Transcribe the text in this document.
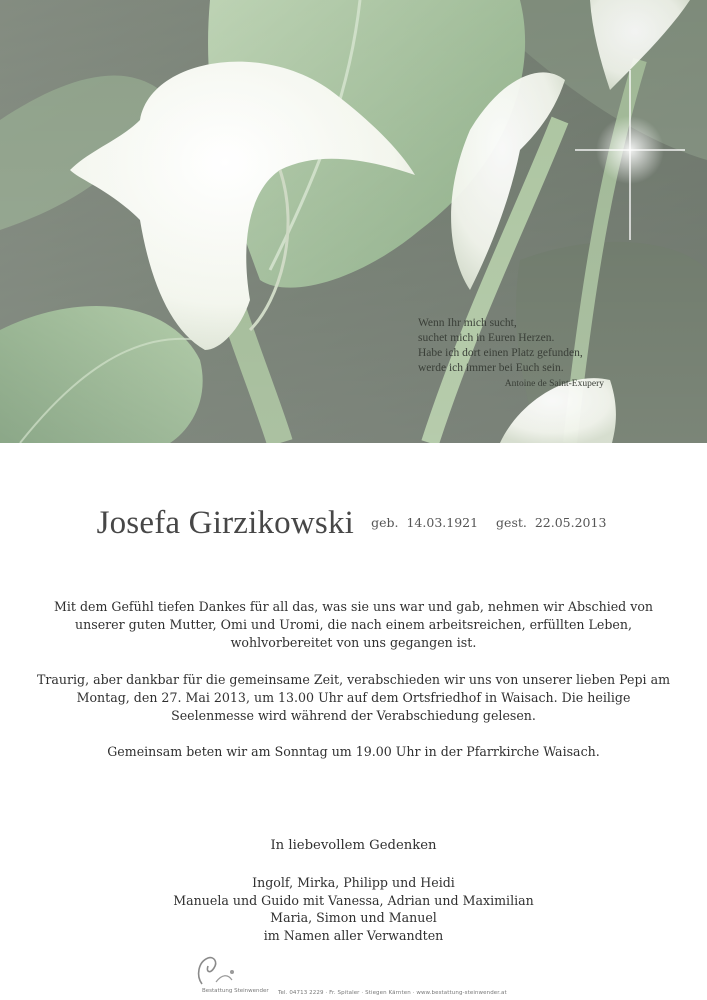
Wenn Ihr mich sucht,
suchet mich in Euren Herzen.
Habe ich dort einen Platz gefunden,
werde ich immer bei Euch sein.
Antoine de Saint-Exupery
Josefa Girzikowski $^{geb. 14.03.1921 gest. 22.05.2013}$
Mit dem Gefühl tiefen Dankes für all das, was sie uns war und gab, nehmen wir Abschied von unserer guten Mutter, Omi und Uromi, die nach einem arbeitsreichen, erfüllten Leben, wohlvorbereitet von uns gegangen ist.
Traurig, aber dankbar für die gemeinsame Zeit, verabschieden wir uns von unserer lieben Pepi am Montag, den 27. Mai 2013, um 13.00 Uhr auf dem Ortsfriedhof in Waisach. Die heilige Seelenmesse wird während der Verabschiedung gelesen.
Gemeinsam beten wir am Sonntag um 19.00 Uhr in der Pfarrkirche Waisach.
In liebevollem Gedenken
Ingolf, Mirka, Philipp und Heidi
Manuela und Guido mit Vanessa, Adrian und Maximilian
Maria, Simon und Manuel
im Namen aller Verwandten
Bestattung Steinwender Tel. 04713 2229 · Fr. Spitaler · Stiegen Kärnten · www.bestattung-steinwender.at
